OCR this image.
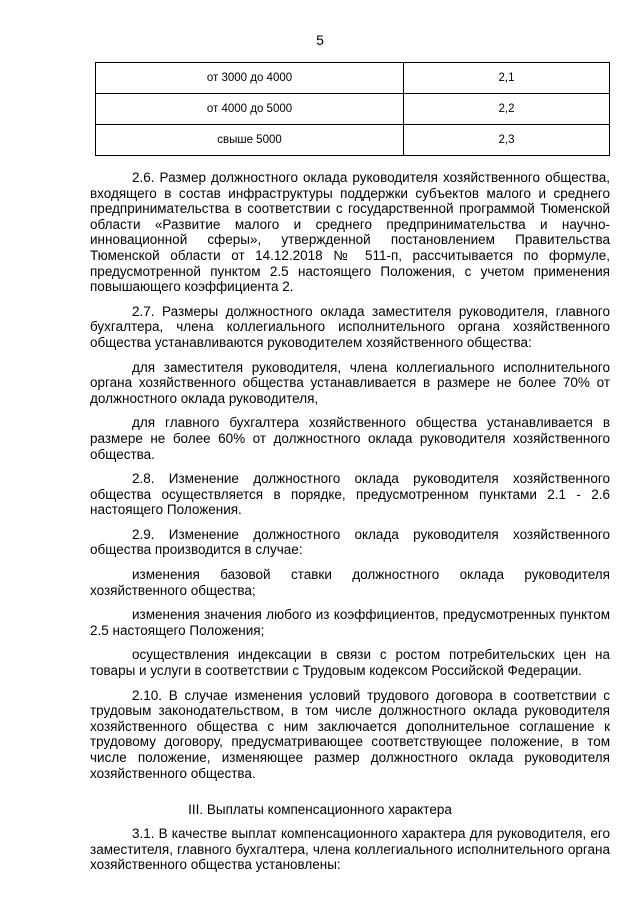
5
от 3000 до 4000	2,1
от 4000 до 5000	2,2
свыше 5000	2,3

2.6. Размер должностного оклада руководителя хозяйственного общества, входящего в состав инфраструктуры поддержки субъектов малого и среднего предпринимательства в соответствии с государственной программой Тюменской области «Развитие малого и среднего предпринимательства и научно-инновационной сферы», утвержденной постановлением Правительства Тюменской области от 14.12.2018 № 511-п, рассчитывается по формуле, предусмотренной пунктом 2.5 настоящего Положения, с учетом применения повышающего коэффициента 2.

2.7. Размеры должностного оклада заместителя руководителя, главного бухгалтера, члена коллегиального исполнительного органа хозяйственного общества устанавливаются руководителем хозяйственного общества:

для заместителя руководителя, члена коллегиального исполнительного органа хозяйственного общества устанавливается в размере не более 70% от должностного оклада руководителя,

для главного бухгалтера хозяйственного общества устанавливается в размере не более 60% от должностного оклада руководителя хозяйственного общества.

2.8. Изменение должностного оклада руководителя хозяйственного общества осуществляется в порядке, предусмотренном пунктами 2.1 - 2.6 настоящего Положения.

2.9. Изменение должностного оклада руководителя хозяйственного общества производится в случае:

изменения базовой ставки должностного оклада руководителя хозяйственного общества;

изменения значения любого из коэффициентов, предусмотренных пунктом 2.5 настоящего Положения;

осуществления индексации в связи с ростом потребительских цен на товары и услуги в соответствии с Трудовым кодексом Российской Федерации.

2.10. В случае изменения условий трудового договора в соответствии с трудовым законодательством, в том числе должностного оклада руководителя хозяйственного общества с ним заключается дополнительное соглашение к трудовому договору, предусматривающее соответствующее положение, в том числе положение, изменяющее размер должностного оклада руководителя хозяйственного общества.

III. Выплаты компенсационного характера

3.1. В качестве выплат компенсационного характера для руководителя, его заместителя, главного бухгалтера, члена коллегиального исполнительного органа хозяйственного общества установлены:
